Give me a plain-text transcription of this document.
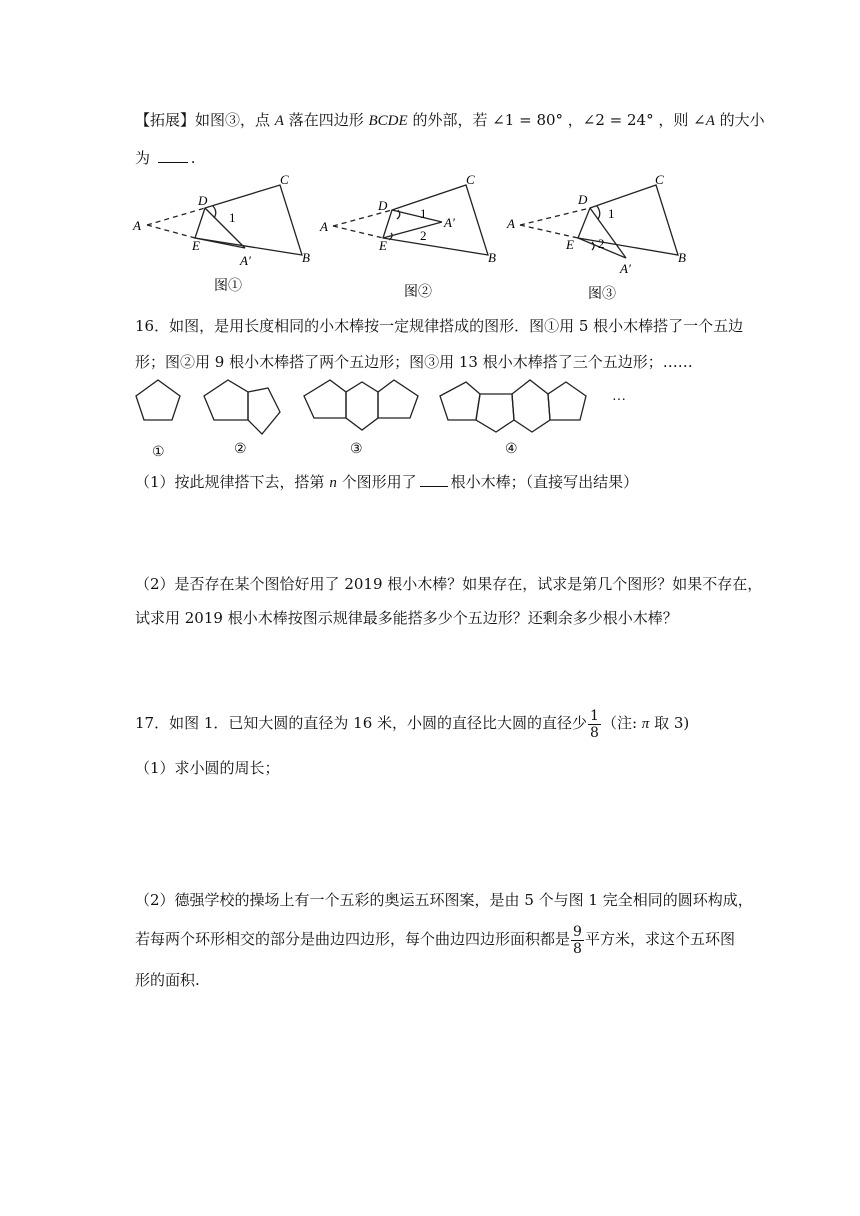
【拓展】如图③，点 A 落在四边形 BCDE 的外部，若 ∠1 = 80° ，∠2 = 24° ，则 ∠A 的大小
为	.
A
D
C
E
A′	B
1
A
D
C
E
A′
B
1
2
A
D
C
E
A′
B
1
2
图①	图②	图③
16．如图，是用长度相同的小木棒按一定规律搭成的图形．图①用 5 根小木棒搭了一个五边
形；图②用 9 根小木棒搭了两个五边形；图③用 13 根小木棒搭了三个五边形；……
···
①	②	③	④
（1）按此规律搭下去，搭第 n 个图形用了 根小木棒；（直接写出结果）
（2）是否存在某个图恰好用了 2019 根小木棒？如果存在，试求是第几个图形？如果不存在，
试求用 2019 根小木棒按图示规律最多能搭多少个五边形？还剩余多少根小木棒？
17．如图 1．已知大圆的直径为 16 米，小圆的直径比大圆的直径少 $\frac{1}{8}$ （注: π 取 3)
（1）求小圆的周长；
（2）德强学校的操场上有一个五彩的奥运五环图案，是由 5 个与图 1 完全相同的圆环构成，
若每两个环形相交的部分是曲边四边形，每个曲边四边形面积都是 $\frac{9}{8}$ 平方米，求这个五环图
形的面积.
